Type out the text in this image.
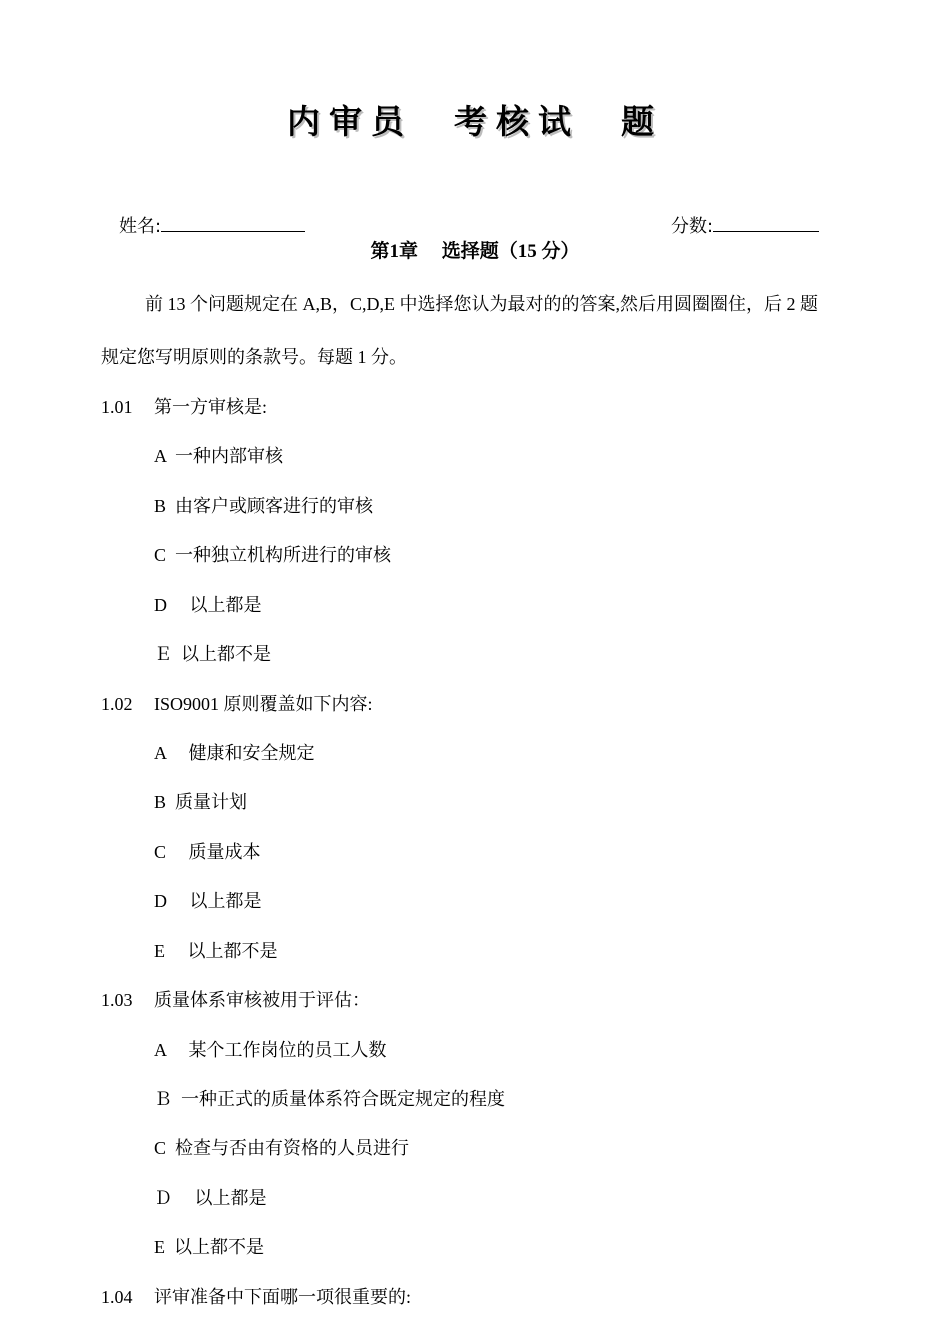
内审员  考核试  题

姓名:
	分数:

第1章     选择题（15 分）
前 13 个问题规定在 A,B，C,D,E 中选择您认为最对的的答案,然后用圆圈圈住，后 2 题
规定您写明原则的条款号。每题 1 分。
1.01 第一方审核是:
A  一种内部审核
B  由客户或顾客进行的审核
C  一种独立机构所进行的审核
D     以上都是
Ｅ  以上都不是
1.02 ISO9001 原则覆盖如下内容:
A     健康和安全规定
B  质量计划
C     质量成本
D     以上都是
E     以上都不是
1.03 质量体系审核被用于评估：
A     某个工作岗位的员工人数
Ｂ  一种正式的质量体系符合既定规定的程度
C  检查与否由有资格的人员进行
Ｄ     以上都是
E  以上都不是
1.04 评审准备中下面哪一项很重要的:
